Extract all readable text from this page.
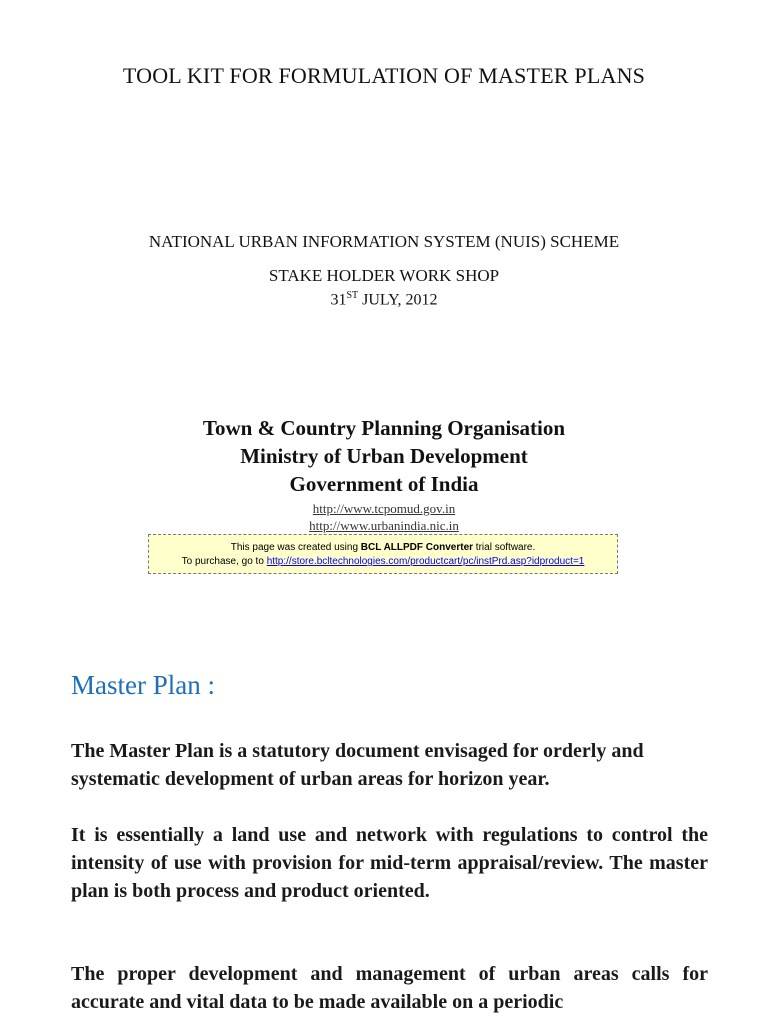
TOOL KIT FOR FORMULATION OF MASTER PLANS
NATIONAL URBAN INFORMATION SYSTEM (NUIS) SCHEME
STAKE HOLDER WORK SHOP
31ST JULY, 2012
Town & Country Planning Organisation
Ministry of Urban Development
Government of India
http://www.tcpomud.gov.in
http://www.urbanindia.nic.in
This page was created using BCL ALLPDF Converter trial software.
To purchase, go to http://store.bcltechnologies.com/productcart/pc/instPrd.asp?idproduct=1
Master Plan :
The Master Plan is a statutory document envisaged for orderly and systematic development of urban areas for horizon year.
It is essentially a land use and network with regulations to control the intensity of use with provision for mid-term appraisal/review. The master plan is both process and product oriented.
The proper development and management of urban areas calls for accurate and vital data to be made available on a periodic
